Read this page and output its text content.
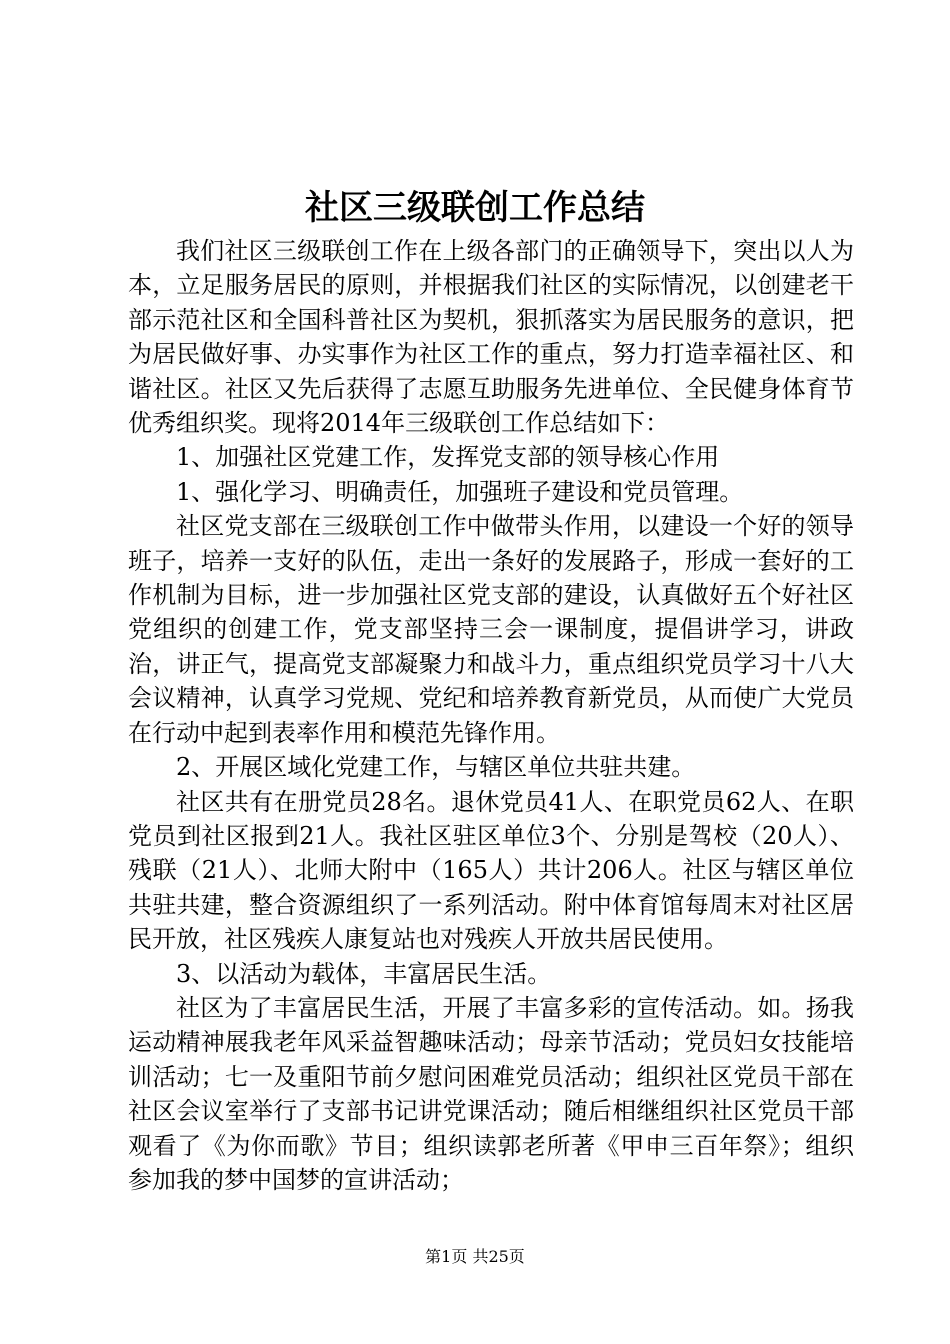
社区三级联创工作总结

我们社区三级联创工作在上级各部门的正确领导下，突出以人为本，立足服务居民的原则，并根据我们社区的实际情况，以创建老干部示范社区和全国科普社区为契机，狠抓落实为居民服务的意识，把为居民做好事、办实事作为社区工作的重点，努力打造幸福社区、和谐社区。社区又先后获得了志愿互助服务先进单位、全民健身体育节优秀组织奖。现将2014年三级联创工作总结如下：

1、加强社区党建工作，发挥党支部的领导核心作用

1、强化学习、明确责任，加强班子建设和党员管理。

社区党支部在三级联创工作中做带头作用，以建设一个好的领导班子，培养一支好的队伍，走出一条好的发展路子，形成一套好的工作机制为目标，进一步加强社区党支部的建设，认真做好五个好社区党组织的创建工作，党支部坚持三会一课制度，提倡讲学习，讲政治，讲正气，提高党支部凝聚力和战斗力，重点组织党员学习十八大会议精神，认真学习党规、党纪和培养教育新党员，从而使广大党员在行动中起到表率作用和模范先锋作用。

2、开展区域化党建工作，与辖区单位共驻共建。

社区共有在册党员28名。退休党员41人、在职党员62人、在职党员到社区报到21人。我社区驻区单位3个、分别是驾校（20人）、残联（21人）、北师大附中（165人）共计206人。社区与辖区单位共驻共建，整合资源组织了一系列活动。附中体育馆每周末对社区居民开放，社区残疾人康复站也对残疾人开放共居民使用。

3、以活动为载体，丰富居民生活。

社区为了丰富居民生活，开展了丰富多彩的宣传活动。如。扬我运动精神展我老年风采益智趣味活动；母亲节活动；党员妇女技能培训活动；七一及重阳节前夕慰问困难党员活动；组织社区党员干部在社区会议室举行了支部书记讲党课活动；随后相继组织社区党员干部观看了《为你而歌》节目；组织读郭老所著《甲申三百年祭》；组织参加我的梦中国梦的宣讲活动；

第1页 共25页
